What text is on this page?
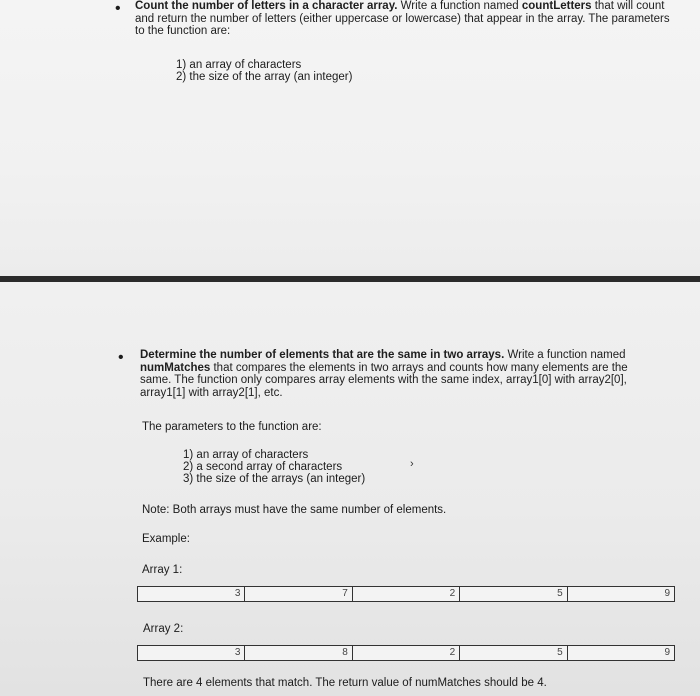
• Count the number of letters in a character array. Write a function named countLetters that will count and return the number of letters (either uppercase or lowercase) that appear in the array. The parameters to the function are:
1) an array of characters
2) the size of the array (an integer)
• Determine the number of elements that are the same in two arrays. Write a function named numMatches that compares the elements in two arrays and counts how many elements are the same. The function only compares array elements with the same index, array1[0] with array2[0], array1[1] with array2[1], etc.
The parameters to the function are:
1) an array of characters
2) a second array of characters
3) the size of the arrays (an integer)
›
Note: Both arrays must have the same number of elements.
Example:
Array 1:
3	7	2	5	9
Array 2:
3	8	2	5	9
There are 4 elements that match. The return value of numMatches should be 4.
